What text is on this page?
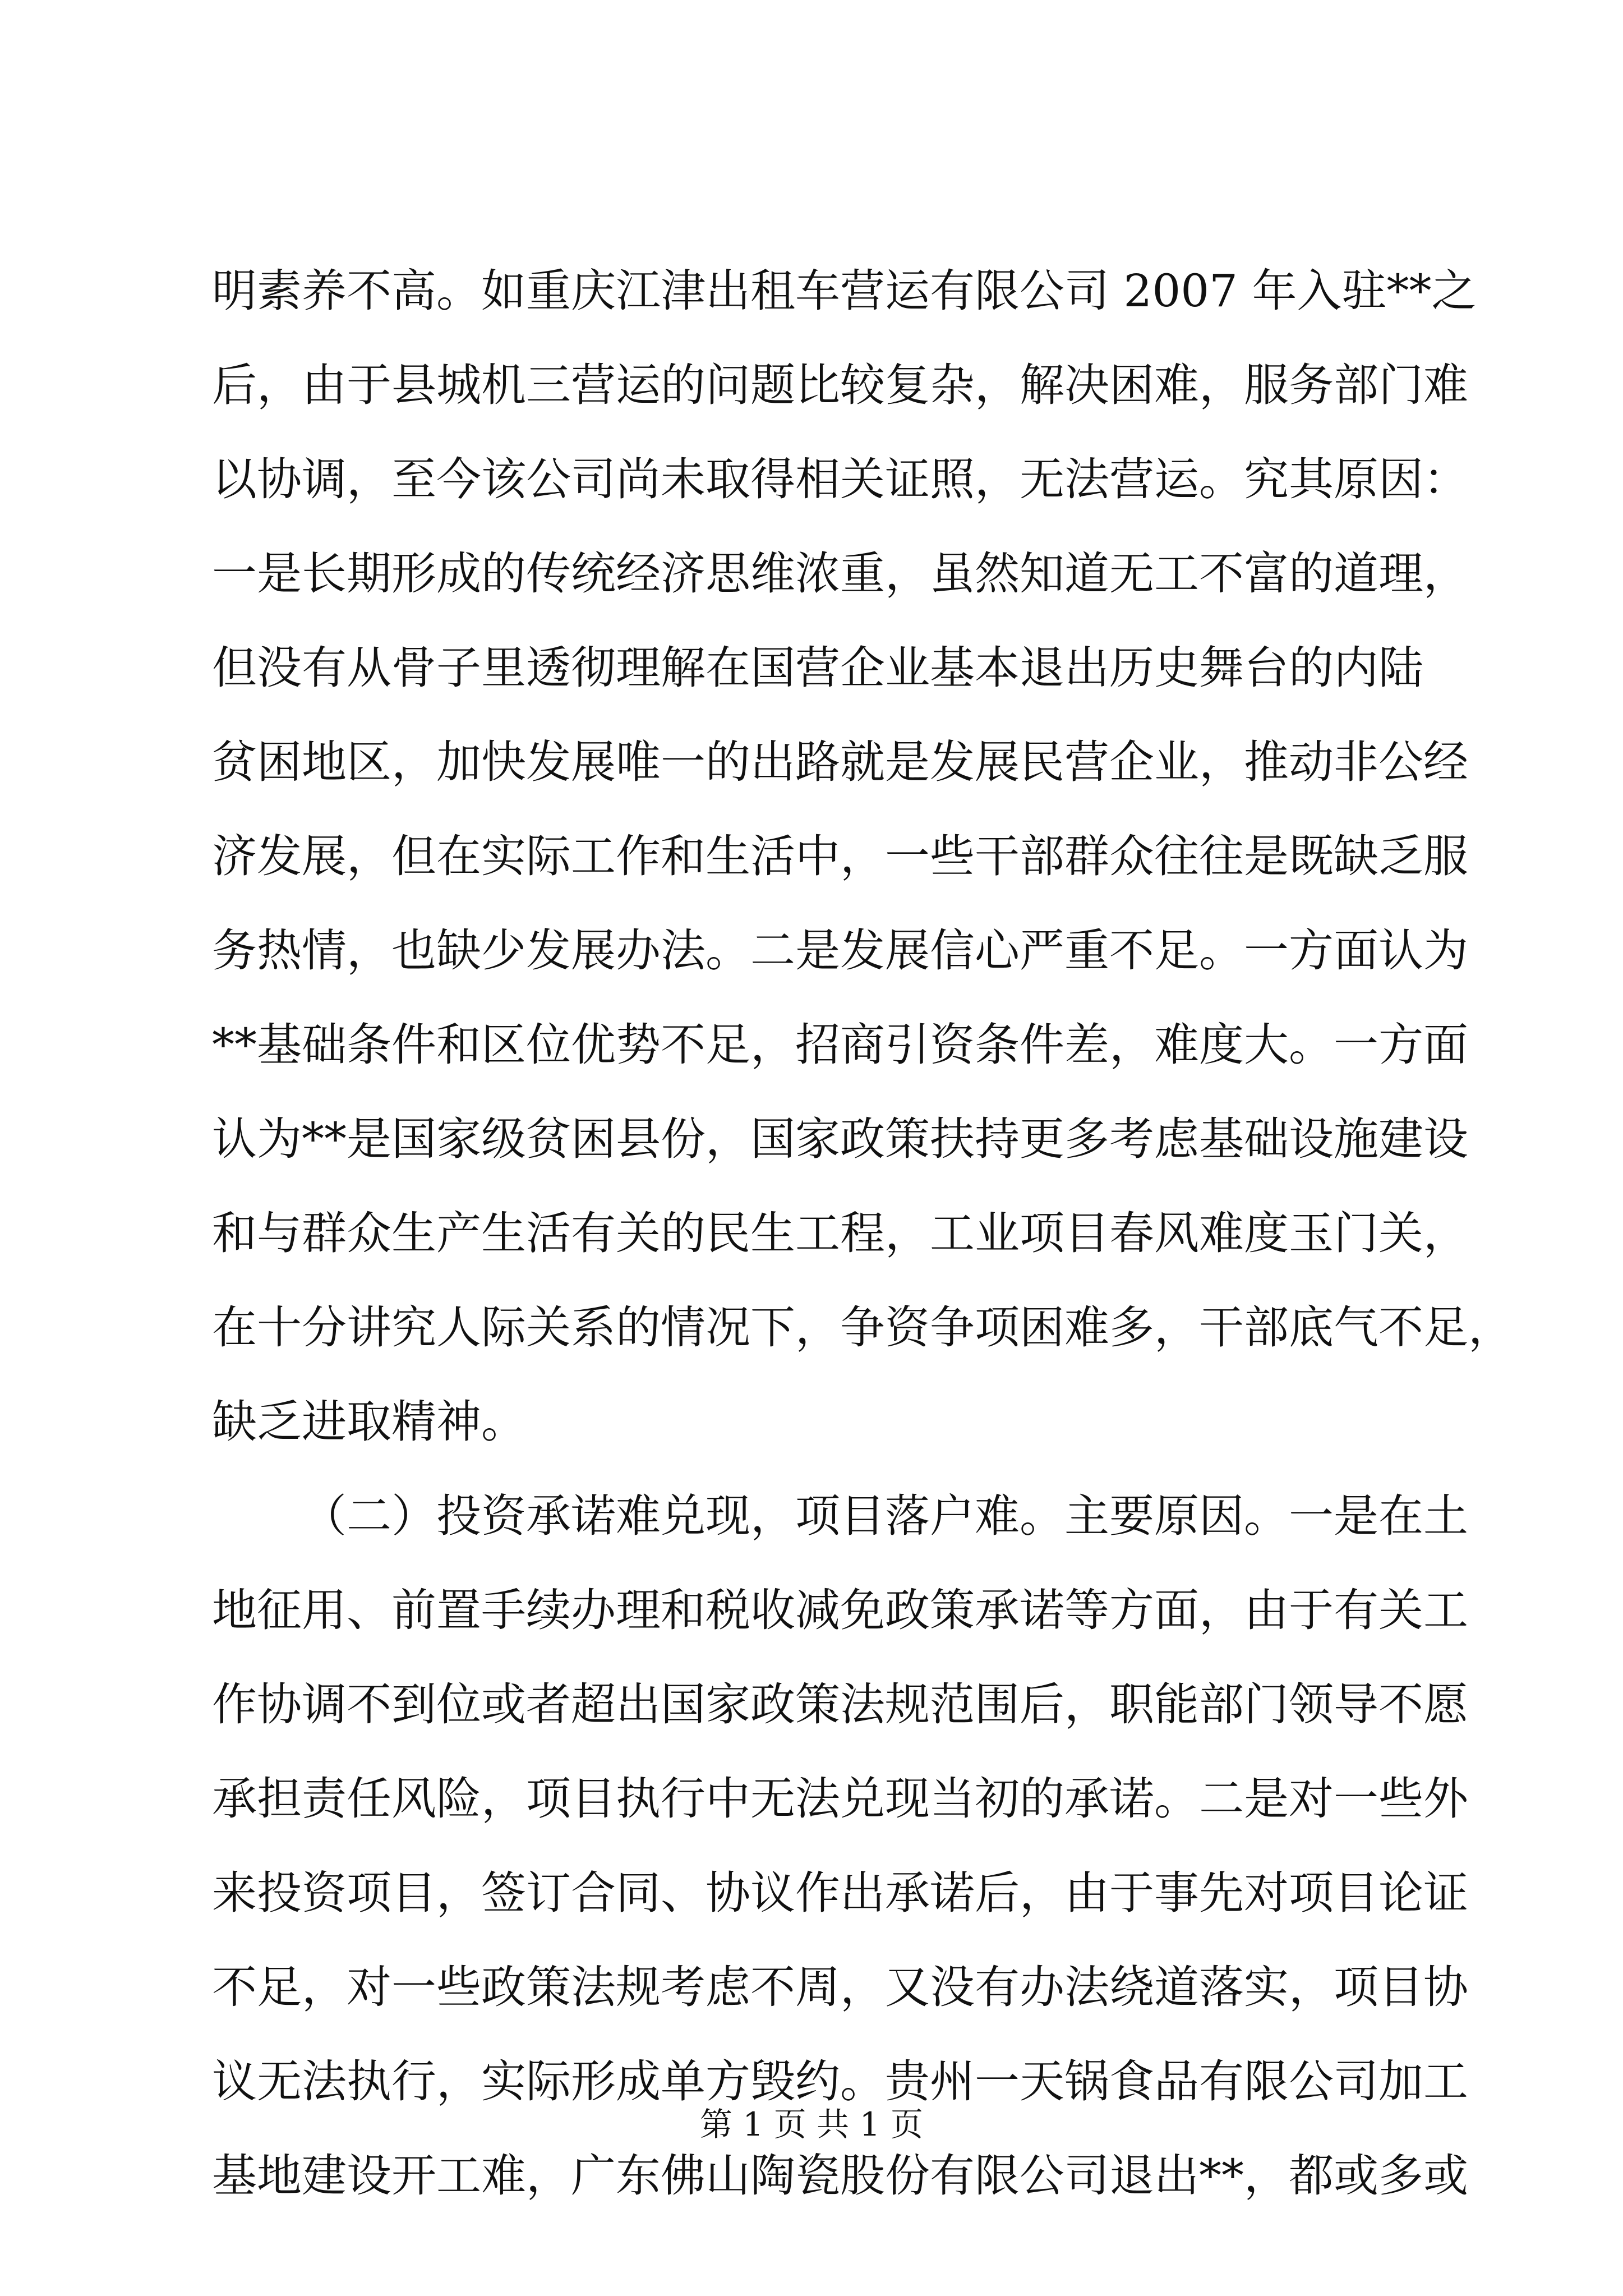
明素养不高。如重庆江津出租车营运有限公司 2007 年入驻**之
后，由于县城机三营运的问题比较复杂，解决困难，服务部门难
以协调，至今该公司尚未取得相关证照，无法营运。究其原因：
一是长期形成的传统经济思维浓重，虽然知道无工不富的道理，
但没有从骨子里透彻理解在国营企业基本退出历史舞台的内陆
贫困地区，加快发展唯一的出路就是发展民营企业，推动非公经
济发展，但在实际工作和生活中，一些干部群众往往是既缺乏服
务热情，也缺少发展办法。二是发展信心严重不足。一方面认为
**基础条件和区位优势不足，招商引资条件差，难度大。一方面
认为**是国家级贫困县份，国家政策扶持更多考虑基础设施建设
和与群众生产生活有关的民生工程，工业项目春风难度玉门关，
在十分讲究人际关系的情况下，争资争项困难多，干部底气不足，
缺乏进取精神。
（二）投资承诺难兑现，项目落户难。主要原因。一是在土
地征用、前置手续办理和税收减免政策承诺等方面，由于有关工
作协调不到位或者超出国家政策法规范围后，职能部门领导不愿
承担责任风险，项目执行中无法兑现当初的承诺。二是对一些外
来投资项目，签订合同、协议作出承诺后，由于事先对项目论证
不足，对一些政策法规考虑不周，又没有办法绕道落实，项目协
议无法执行，实际形成单方毁约。贵州一天锅食品有限公司加工
基地建设开工难，广东佛山陶瓷股份有限公司退出**，都或多或
第 1 页 共 1 页
